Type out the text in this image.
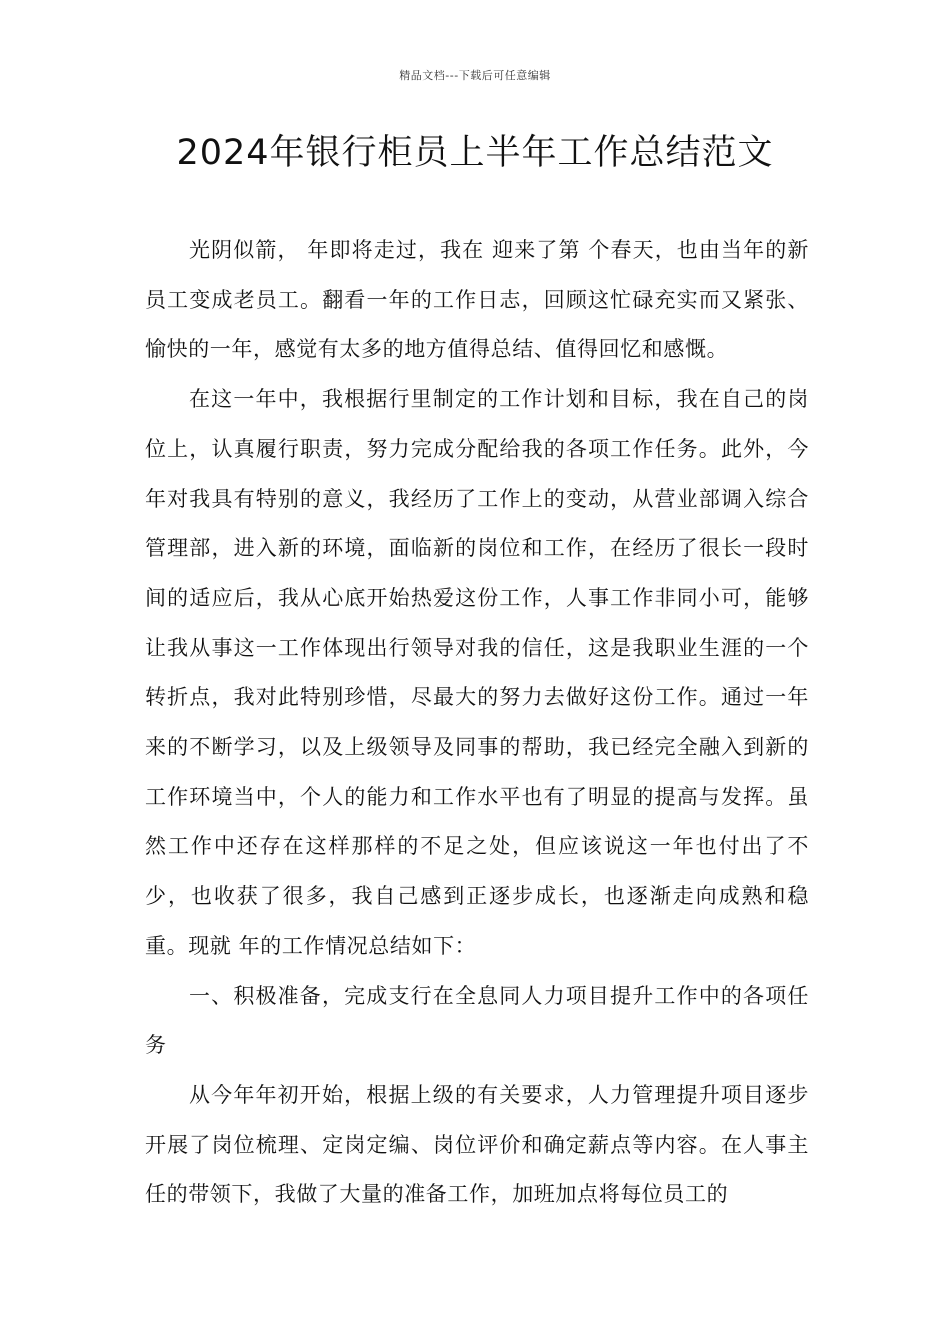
精品文档---下载后可任意编辑
2024年银行柜员上半年工作总结范文

光阴似箭， 年即将走过，我在 迎来了第 个春天，也由当年的新员工变成老员工。翻看一年的工作日志，回顾这忙碌充实而又紧张、愉快的一年，感觉有太多的地方值得总结、值得回忆和感慨。

在这一年中，我根据行里制定的工作计划和目标，我在自己的岗位上，认真履行职责，努力完成分配给我的各项工作任务。此外，今年对我具有特别的意义，我经历了工作上的变动，从营业部调入综合管理部，进入新的环境，面临新的岗位和工作，在经历了很长一段时间的适应后，我从心底开始热爱这份工作，人事工作非同小可，能够让我从事这一工作体现出行领导对我的信任，这是我职业生涯的一个转折点，我对此特别珍惜，尽最大的努力去做好这份工作。通过一年来的不断学习，以及上级领导及同事的帮助，我已经完全融入到新的工作环境当中，个人的能力和工作水平也有了明显的提高与发挥。虽然工作中还存在这样那样的不足之处，但应该说这一年也付出了不少，也收获了很多，我自己感到正逐步成长，也逐渐走向成熟和稳重。现就 年的工作情况总结如下：

一、积极准备，完成支行在全息同人力项目提升工作中的各项任务

从今年年初开始，根据上级的有关要求，人力管理提升项目逐步开展了岗位梳理、定岗定编、岗位评价和确定薪点等内容。在人事主任的带领下，我做了大量的准备工作，加班加点将每位员工的
